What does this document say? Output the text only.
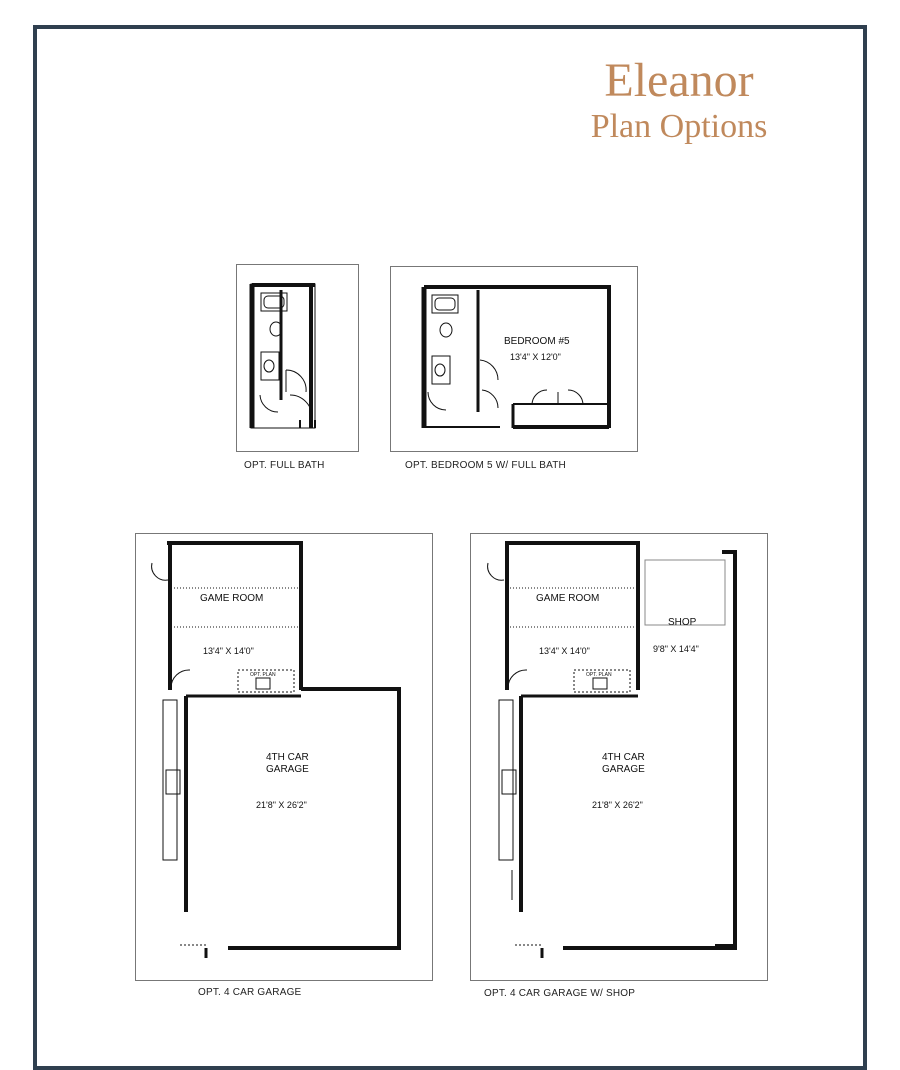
Eleanor
Plan Options
OPT. FULL BATH	OPT. BEDROOM 5 W/ FULL BATH
OPT. 4 CAR GARAGE	OPT. 4 CAR GARAGE W/ SHOP
BEDROOM #5
13'4" X 12'0"
GAME ROOM
13'4" X 14'0"
4TH CAR
GARAGE
21'8" X 26'2"
OPT. PLAN
GAME ROOM
13'4" X 14'0"
SHOP
9'8" X 14'4"
4TH CAR
GARAGE
21'8" X 26'2"
OPT. PLAN
